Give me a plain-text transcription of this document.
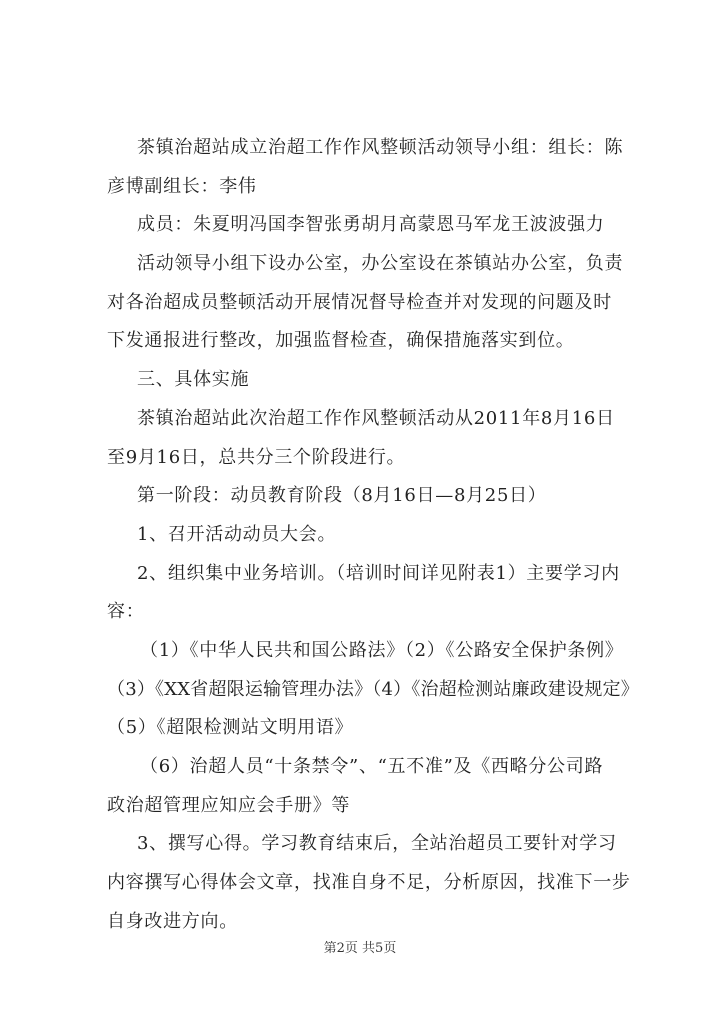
茶镇治超站成立治超工作作风整顿活动领导小组：组长：陈
彦博副组长：李伟
成员：朱夏明冯国李智张勇胡月高蒙恩马军龙王波波强力
活动领导小组下设办公室，办公室设在茶镇站办公室，负责
对各治超成员整顿活动开展情况督导检查并对发现的问题及时
下发通报进行整改，加强监督检查，确保措施落实到位。
三、具体实施
茶镇治超站此次治超工作作风整顿活动从2011年8月16日
至9月16日，总共分三个阶段进行。
第一阶段：动员教育阶段（8月16日—8月25日）
1、召开活动动员大会。
2、组织集中业务培训。（培训时间详见附表1）主要学习内
容：
（1）《中华人民共和国公路法》（2）《公路安全保护条例》
（3）《XX省超限运输管理办法》（4）《治超检测站廉政建设规定》
（5）《超限检测站文明用语》
（6）治超人员“十条禁令”、“五不准”及《西略分公司路
政治超管理应知应会手册》等
3、撰写心得。学习教育结束后，全站治超员工要针对学习
内容撰写心得体会文章，找准自身不足，分析原因，找准下一步
自身改进方向。
第2页 共5页
